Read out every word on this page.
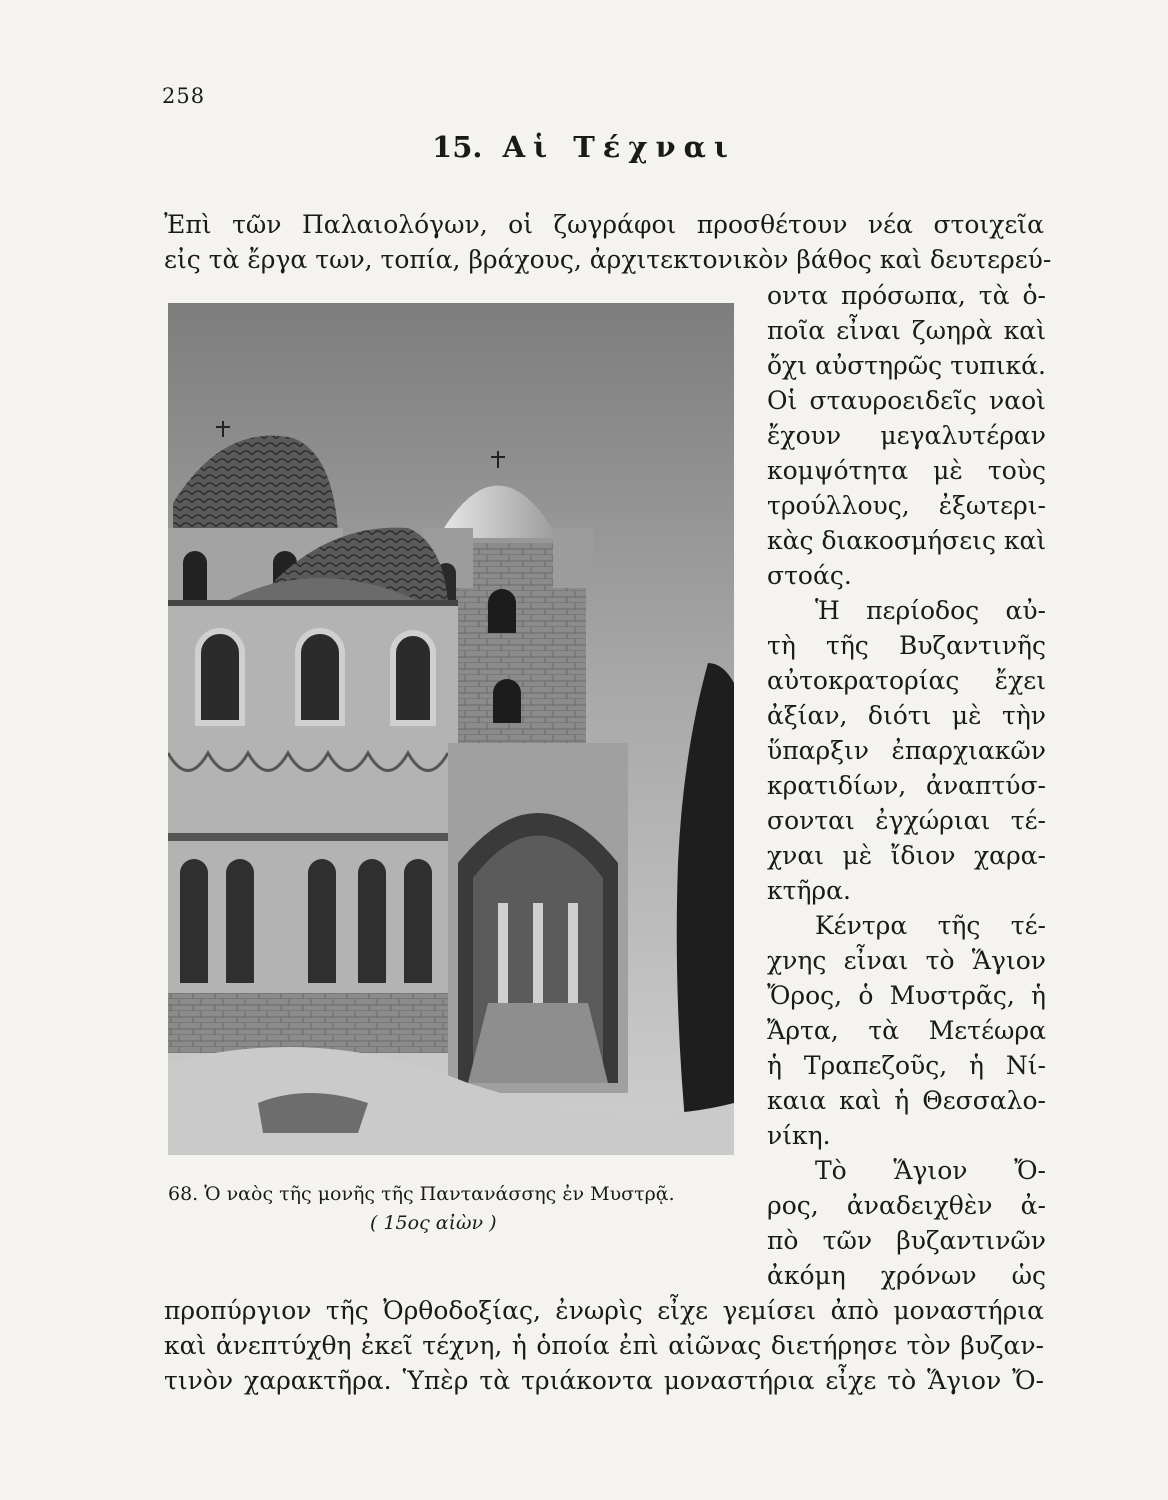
258
15. Αἱ Τέχναι
Ἐπὶ τῶν Παλαιολόγων, οἱ ζωγράφοι προσθέτουν νέα στοιχεῖα
εἰς τὰ ἔργα των, τοπία, βράχους, ἀρχιτεκτονικὸν βάθος καὶ δευτερεύ-
68. Ὁ ναὸς τῆς μονῆς τῆς Παντανάσσης ἐν Μυστρᾷ.
( 15ος αἰὼν )
οντα πρόσωπα, τὰ ὁ-
ποῖα εἶναι ζωηρὰ καὶ
ὄχι αὐστηρῶς τυπικά.
Οἱ σταυροειδεῖς ναοὶ
ἔχουν μεγαλυτέραν
κομψότητα μὲ τοὺς
τρούλλους, ἐξωτερι-
κὰς διακοσμήσεις καὶ
στοάς.
Ἡ περίοδος αὐ-
τὴ τῆς Βυζαντινῆς
αὐτοκρατορίας ἔχει
ἀξίαν, διότι μὲ τὴν
ὕπαρξιν ἐπαρχιακῶν
κρατιδίων, ἀναπτύσ-
σονται ἐγχώριαι τέ-
χναι μὲ ἴδιον χαρα-
κτῆρα.
Κέντρα τῆς τέ-
χνης εἶναι τὸ Ἅγιον
Ὄρος, ὁ Μυστρᾶς, ἡ
Ἄρτα, τὰ Μετέωρα
ἡ Τραπεζοῦς, ἡ Νί-
καια καὶ ἡ Θεσσαλο-
νίκη.
Τὸ Ἅγιον Ὄ-
ρος, ἀναδειχθὲν ἀ-
πὸ τῶν βυζαντινῶν
ἀκόμη χρόνων ὡς
προπύργιον τῆς Ὀρθοδοξίας, ἐνωρὶς εἶχε γεμίσει ἀπὸ μοναστήρια
καὶ ἀνεπτύχθη ἐκεῖ τέχνη, ἡ ὁποία ἐπὶ αἰῶνας διετήρησε τὸν βυζαν-
τινὸν χαρακτῆρα. Ὑπὲρ τὰ τριάκοντα μοναστήρια εἶχε τὸ Ἅγιον Ὄ-
